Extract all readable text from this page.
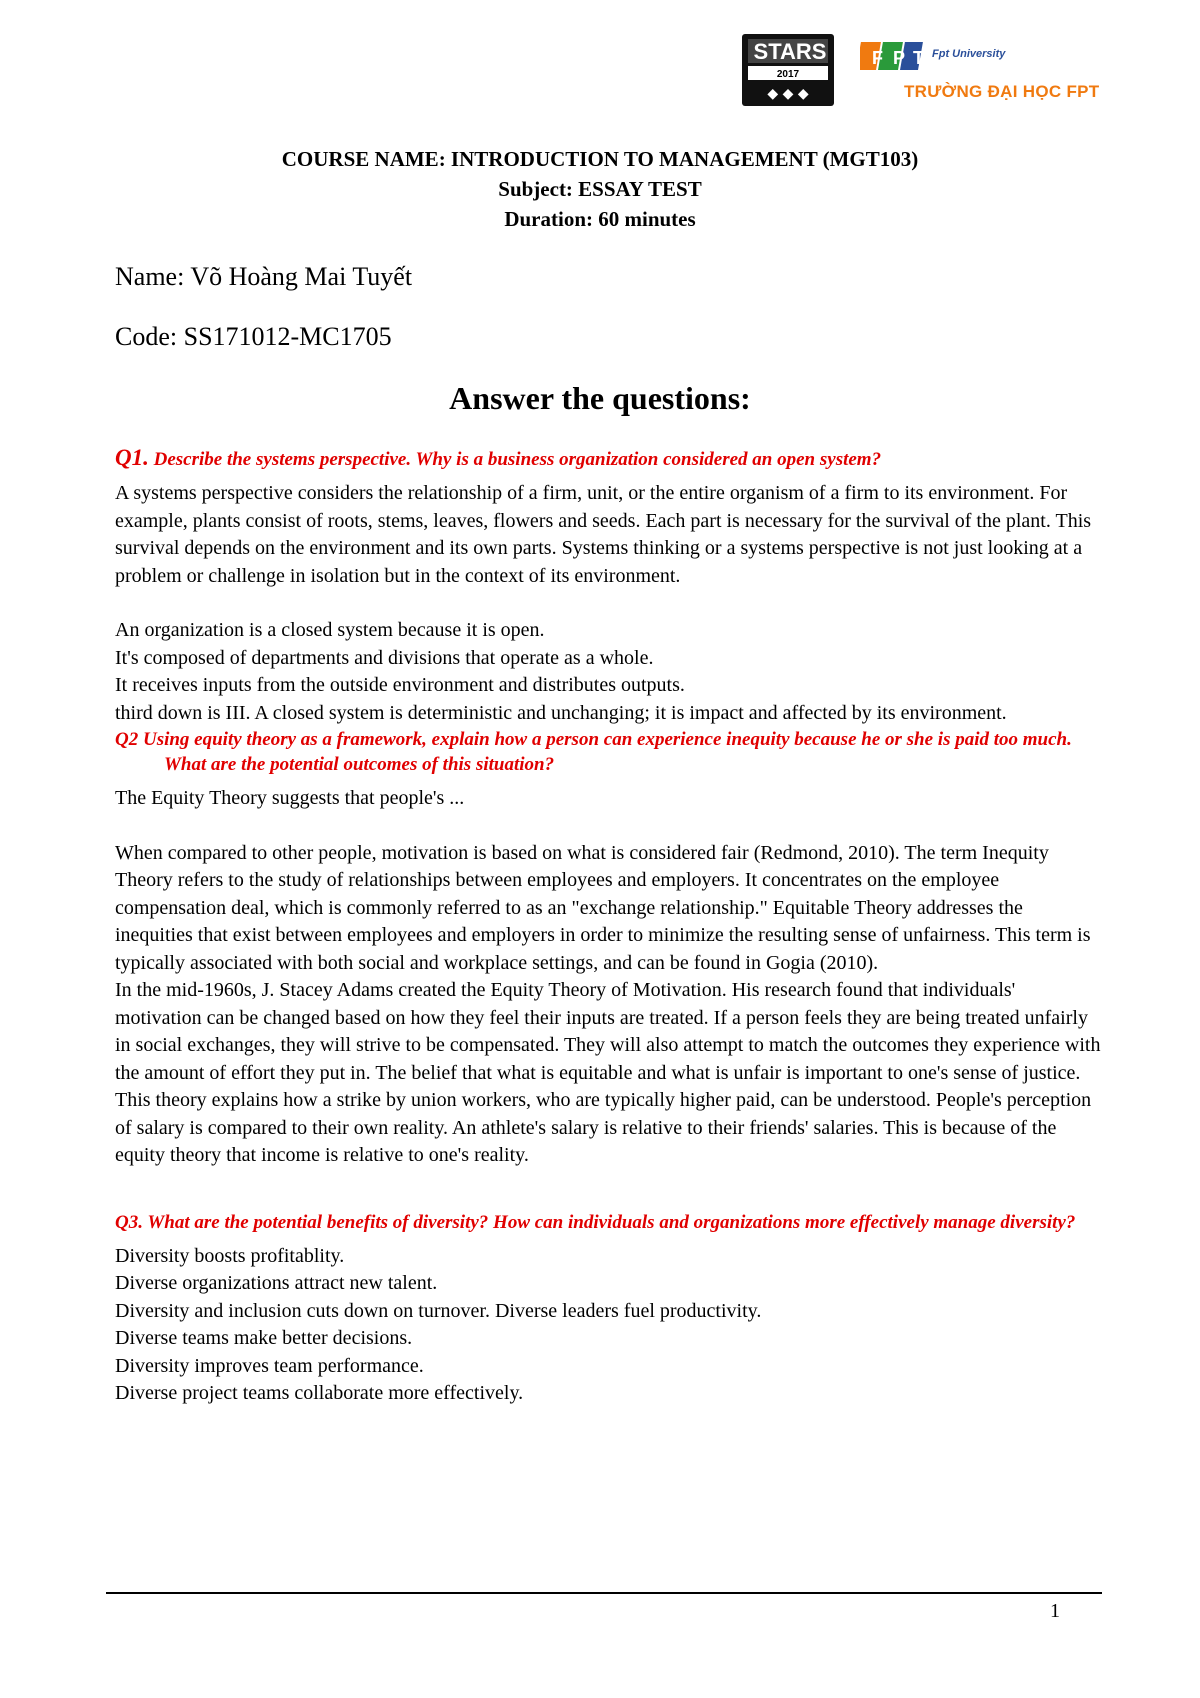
STARS
2017
◆ ◆ ◆
F P T Fpt University
TRƯỜNG ĐẠI HỌC FPT
COURSE NAME: INTRODUCTION TO MANAGEMENT (MGT103)
Subject: ESSAY TEST
Duration: 60 minutes
Name: Võ Hoàng Mai Tuyết
Code: SS171012-MC1705
Answer the questions:

Q1. Describe the systems perspective. Why is a business organization considered an open system?

A systems perspective considers the relationship of a firm, unit, or the entire organism of a firm to its environment. For example, plants consist of roots, stems, leaves, flowers and seeds. Each part is necessary for the survival of the plant. This survival depends on the environment and its own parts. Systems thinking or a systems perspective is not just looking at a problem or challenge in isolation but in the context of its environment.

An organization is a closed system because it is open.

It's composed of departments and divisions that operate as a whole.

It receives inputs from the outside environment and distributes outputs.

third down is III. A closed system is deterministic and unchanging; it is impact and affected by its environment.

Q2 Using equity theory as a framework, explain how a person can experience inequity because he or she is paid too much. What are the potential outcomes of this situation?

The Equity Theory suggests that people's ...

When compared to other people, motivation is based on what is considered fair (Redmond, 2010). The term Inequity Theory refers to the study of relationships between employees and employers. It concentrates on the employee compensation deal, which is commonly referred to as an "exchange relationship." Equitable Theory addresses the inequities that exist between employees and employers in order to minimize the resulting sense of unfairness. This term is typically associated with both social and workplace settings, and can be found in Gogia (2010).

In the mid-1960s, J. Stacey Adams created the Equity Theory of Motivation. His research found that individuals' motivation can be changed based on how they feel their inputs are treated. If a person feels they are being treated unfairly in social exchanges, they will strive to be compensated. They will also attempt to match the outcomes they experience with the amount of effort they put in. The belief that what is equitable and what is unfair is important to one's sense of justice. This theory explains how a strike by union workers, who are typically higher paid, can be understood. People's perception of salary is compared to their own reality. An athlete's salary is relative to their friends' salaries. This is because of the equity theory that income is relative to one's reality.

Q3. What are the potential benefits of diversity? How can individuals and organizations more effectively manage diversity?

Diversity boosts profitablity.

Diverse organizations attract new talent.

Diversity and inclusion cuts down on turnover. Diverse leaders fuel productivity.

Diverse teams make better decisions.

Diversity improves team performance.

Diverse project teams collaborate more effectively.

1
